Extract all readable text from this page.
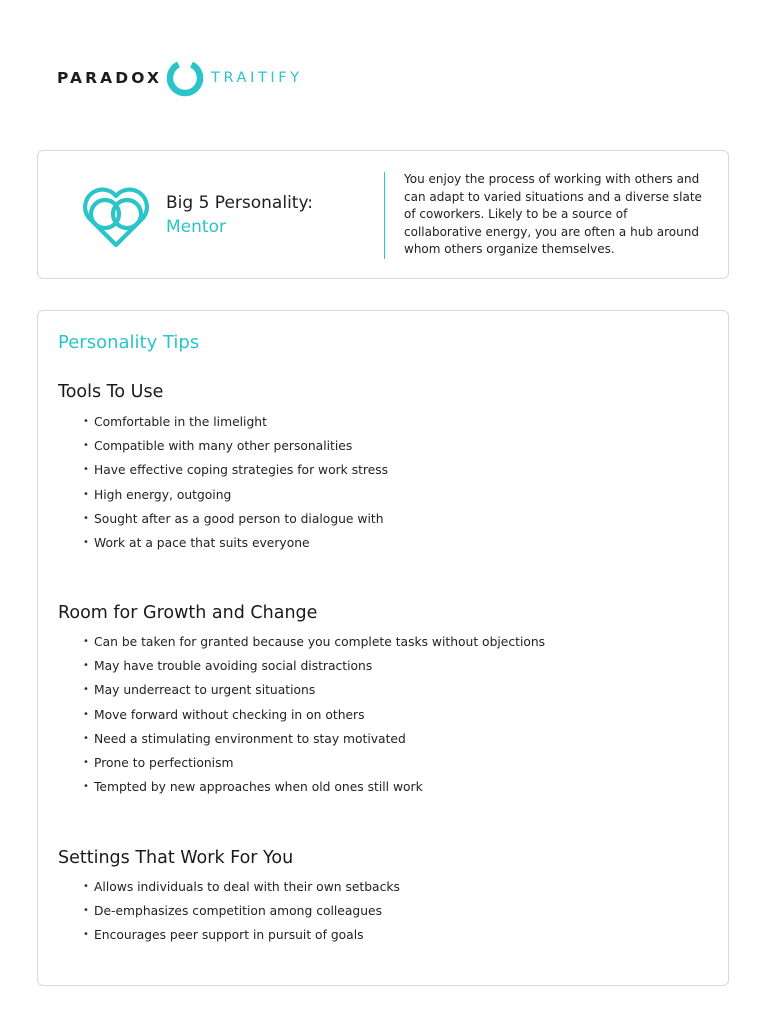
PARADOX	TRAITIFY
Big 5 Personality:
Mentor
You enjoy the process of working with others and can adapt to varied situations and a diverse slate of coworkers. Likely to be a source of collaborative energy, you are often a hub around whom others organize themselves.
Personality Tips
Tools To Use
• Comfortable in the limelight
• Compatible with many other personalities
• Have effective coping strategies for work stress
• High energy, outgoing
• Sought after as a good person to dialogue with
• Work at a pace that suits everyone
Room for Growth and Change
• Can be taken for granted because you complete tasks without objections
• May have trouble avoiding social distractions
• May underreact to urgent situations
• Move forward without checking in on others
• Need a stimulating environment to stay motivated
• Prone to perfectionism
• Tempted by new approaches when old ones still work
Settings That Work For You
• Allows individuals to deal with their own setbacks
• De-emphasizes competition among colleagues
• Encourages peer support in pursuit of goals
